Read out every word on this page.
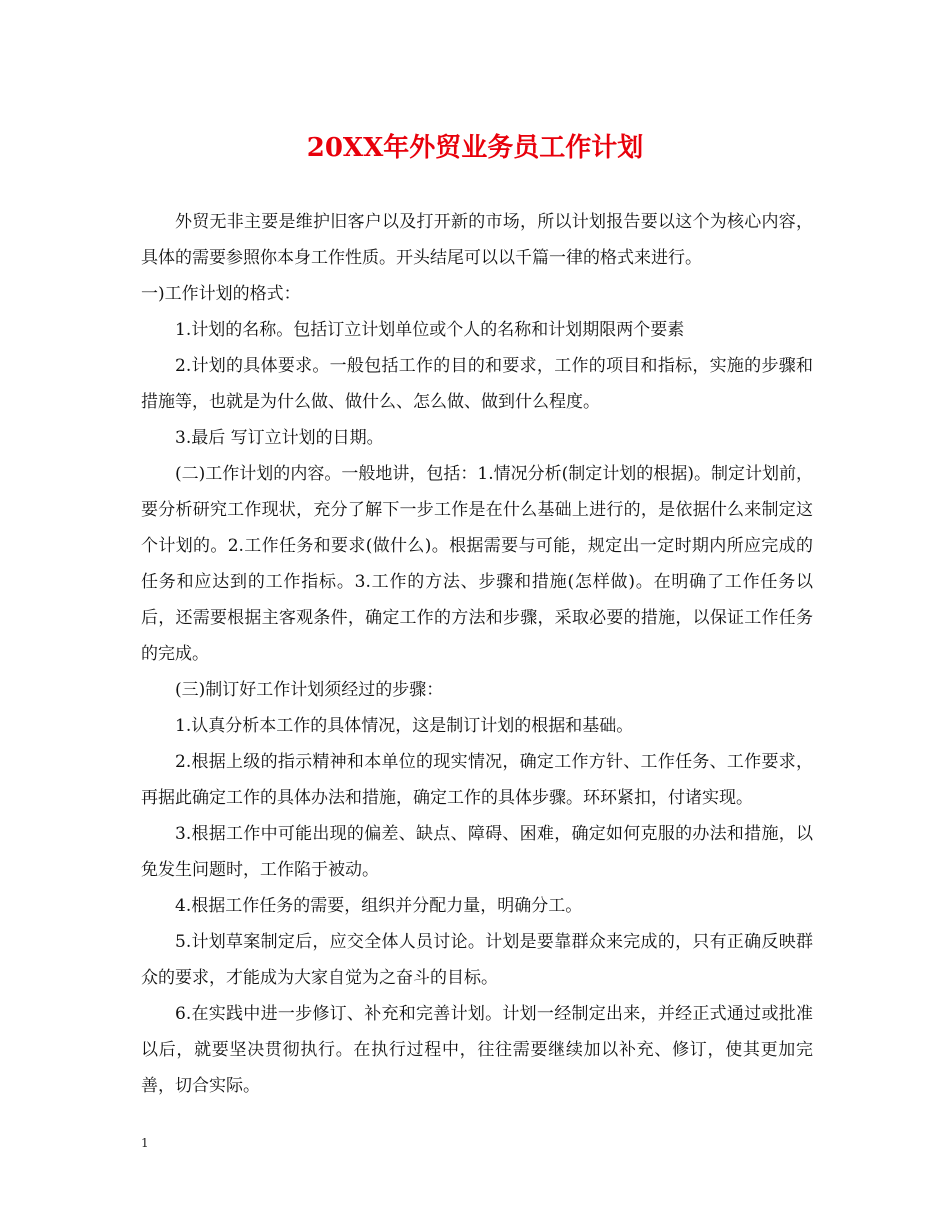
20XX年外贸业务员工作计划

外贸无非主要是维护旧客户以及打开新的市场，所以计划报告要以这个为核心内容，具体的需要参照你本身工作性质。开头结尾可以以千篇一律的格式来进行。

一)工作计划的格式：

1.计划的名称。包括订立计划单位或个人的名称和计划期限两个要素

2.计划的具体要求。一般包括工作的目的和要求，工作的项目和指标，实施的步骤和措施等，也就是为什么做、做什么、怎么做、做到什么程度。

3.最后 写订立计划的日期。

(二)工作计划的内容。一般地讲，包括：1.情况分析(制定计划的根据)。制定计划前，要分析研究工作现状，充分了解下一步工作是在什么基础上进行的，是依据什么来制定这个计划的。2.工作任务和要求(做什么)。根据需要与可能，规定出一定时期内所应完成的任务和应达到的工作指标。3.工作的方法、步骤和措施(怎样做)。在明确了工作任务以后，还需要根据主客观条件，确定工作的方法和步骤，采取必要的措施，以保证工作任务的完成。

(三)制订好工作计划须经过的步骤：

1.认真分析本工作的具体情况，这是制订计划的根据和基础。

2.根据上级的指示精神和本单位的现实情况，确定工作方针、工作任务、工作要求，再据此确定工作的具体办法和措施，确定工作的具体步骤。环环紧扣，付诸实现。

3.根据工作中可能出现的偏差、缺点、障碍、困难，确定如何克服的办法和措施，以免发生问题时，工作陷于被动。

4.根据工作任务的需要，组织并分配力量，明确分工。

5.计划草案制定后，应交全体人员讨论。计划是要靠群众来完成的，只有正确反映群众的要求，才能成为大家自觉为之奋斗的目标。

6.在实践中进一步修订、补充和完善计划。计划一经制定出来，并经正式通过或批准以后，就要坚决贯彻执行。在执行过程中，往往需要继续加以补充、修订，使其更加完善，切合实际。

1
